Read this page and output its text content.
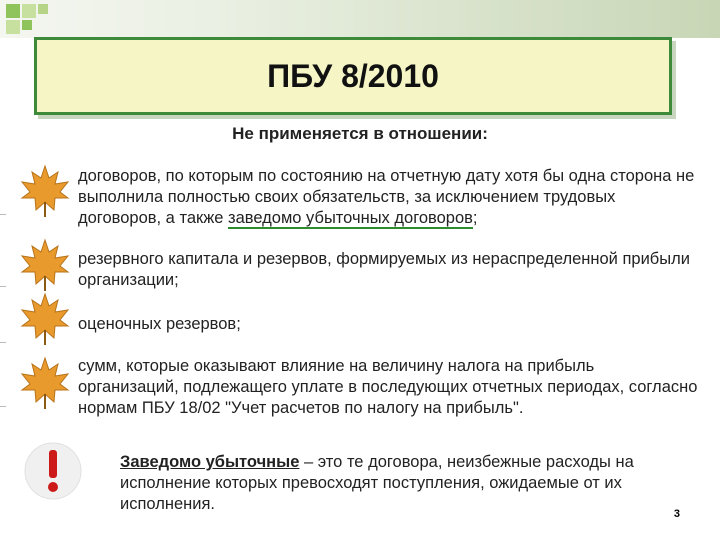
ПБУ 8/2010
Не применяется в отношении:
договоров, по которым по состоянию на отчетную дату хотя бы одна сторона не выполнила полностью своих обязательств, за исключением трудовых договоров, а также заведомо убыточных договоров;
резервного капитала и резервов, формируемых из нераспределенной прибыли организации;
оценочных резервов;
сумм, которые оказывают влияние на величину налога на прибыль организаций, подлежащего уплате в последующих отчетных периодах, согласно нормам ПБУ 18/02 "Учет расчетов по налогу на прибыль".
Заведомо убыточные – это те договора, неизбежные расходы на исполнение которых превосходят поступления, ожидаемые от их исполнения.
3
